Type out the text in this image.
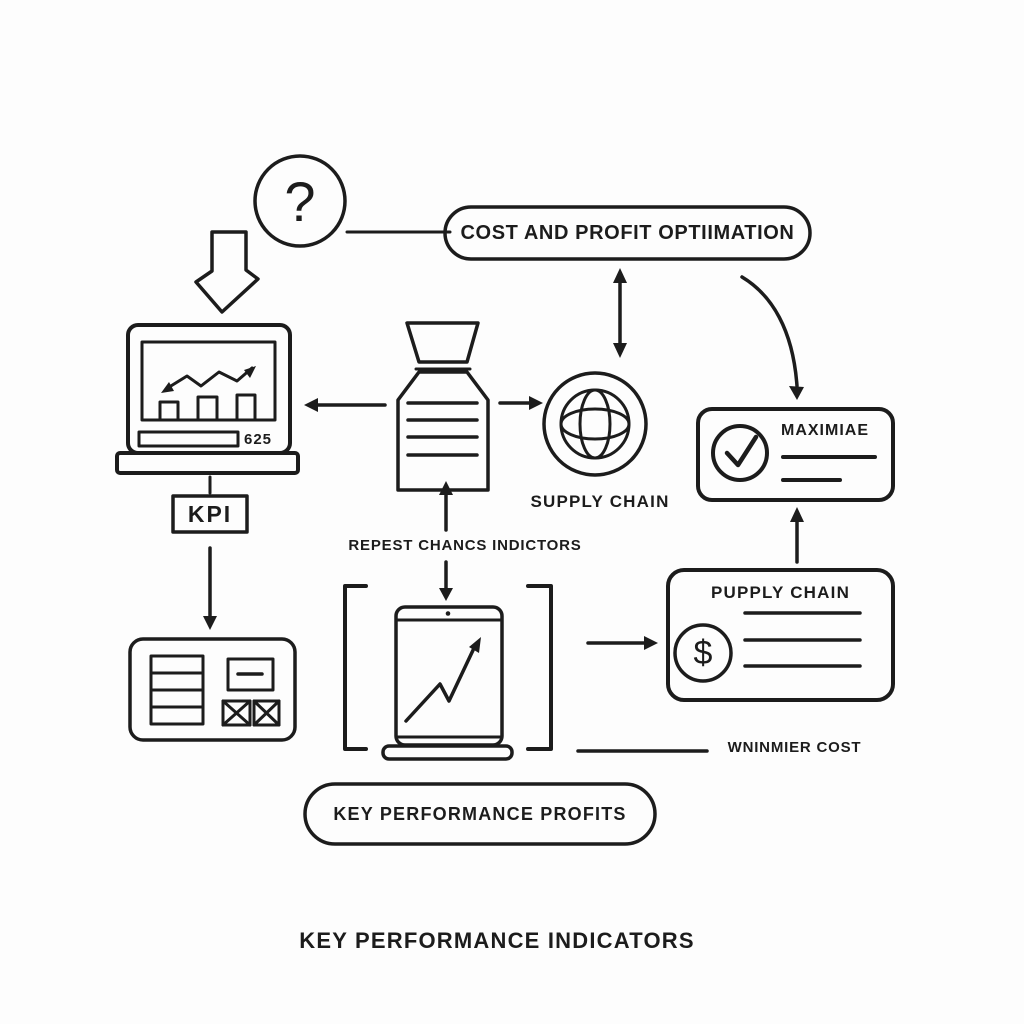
?	COST AND PROFIT OPTIIMATION
625
KPI	SUPPLY CHAIN
REPEST CHANCS INDICTORS
MAXIMIAE
PUPPLY CHAIN
$
WNINMIER COST
KEY PERFORMANCE PROFITS
KEY PERFORMANCE INDICATORS
